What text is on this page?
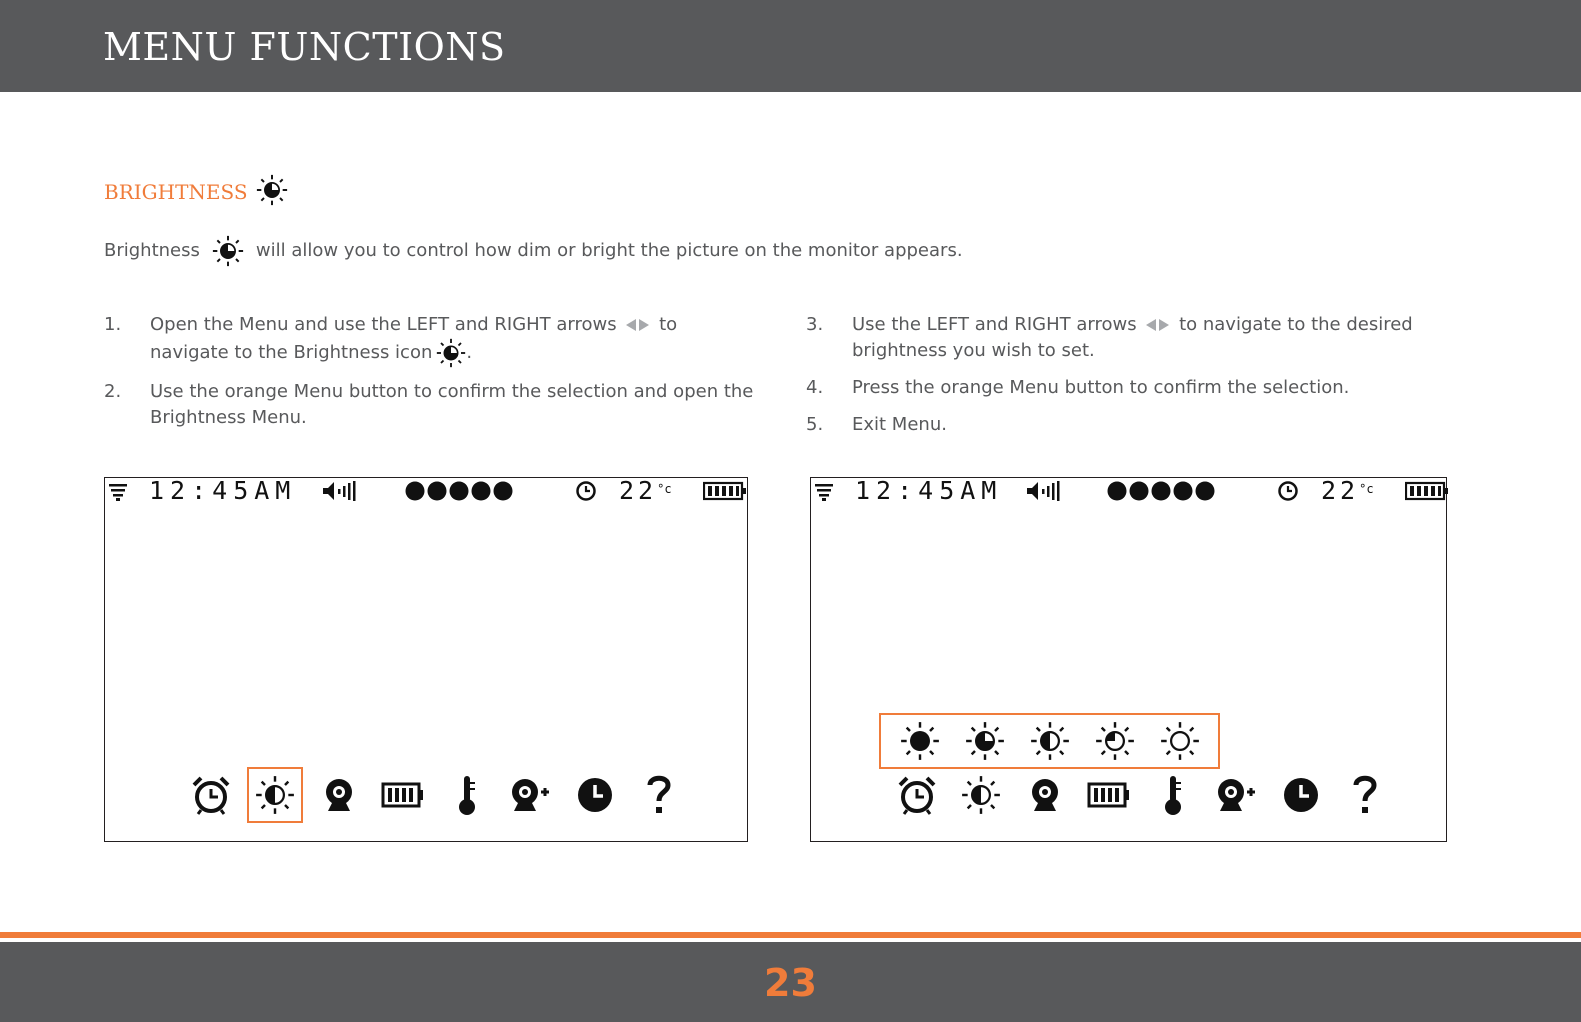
MENU FUNCTIONS
BRIGHTNESS
Brightness	will allow you to control how dim or bright the picture on the monitor appears.
1. Open the Menu and use the LEFT and RIGHT arrows to
navigate to the Brightness icon .
2. Use the orange Menu button to confirm the selection and open the Brightness Menu.
3. Use the LEFT and RIGHT arrows to navigate to the desired
brightness you wish to set.
4. Press the orange Menu button to confirm the selection.
5. Exit Menu.
12:45AM	22 °c	12:45AM	22 °c
23
